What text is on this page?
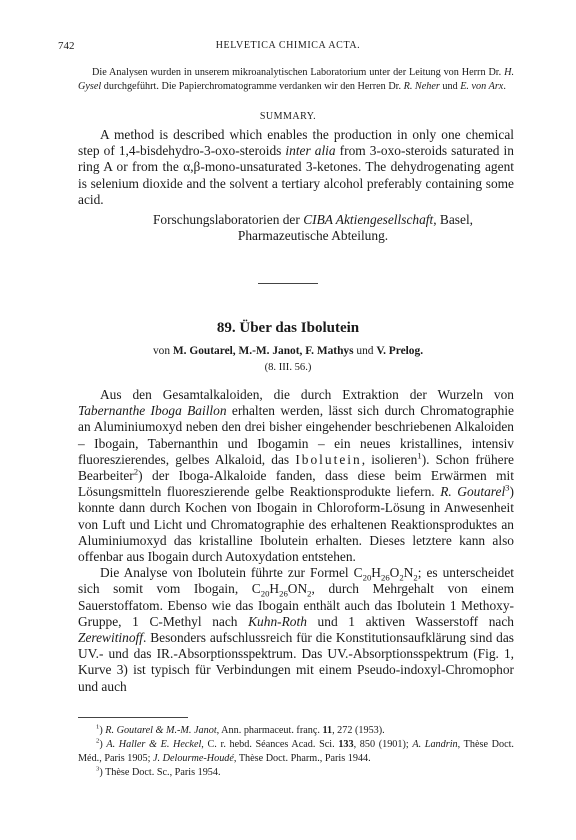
742	HELVETICA CHIMICA ACTA.

Die Analysen wurden in unserem mikroanalytischen Laboratorium unter der Leitung von Herrn Dr. H. Gysel durchgeführt. Die Papierchromatogramme verdanken wir den Herren Dr. R. Neher und E. von Arx.

SUMMARY.

A method is described which enables the production in only one chemical step of 1,4-bisdehydro-3-oxo-steroids inter alia from 3-oxo-steroids saturated in ring A or from the α,β-mono-unsaturated 3-ketones. The dehydrogenating agent is selenium dioxide and the solvent a tertiary alcohol preferably containing some acid.

Forschungslaboratorien der CIBA Aktiengesellschaft, Basel,
Pharmazeutische Abteilung.
89. Über das Ibolutein
von M. Goutarel, M.-M. Janot, F. Mathys und V. Prelog.
(8. III. 56.)

Aus den Gesamtalkaloiden, die durch Extraktion der Wurzeln von Tabernanthe Iboga Baillon erhalten werden, lässt sich durch Chromatographie an Aluminiumoxyd neben den drei bisher eingehender beschriebenen Alkaloiden – Ibogain, Tabernanthin und Ibogamin – ein neues kristallines, intensiv fluoreszierendes, gelbes Alkaloid, das Ibolutein, isolieren$^1$). Schon frühere Bearbeiter$^2$) der Iboga-Alkaloide fanden, dass diese beim Erwärmen mit Lösungsmitteln fluoreszierende gelbe Reaktionsprodukte liefern. R. Goutarel$^3$) konnte dann durch Kochen von Ibogain in Chloroform-Lösung in Anwesenheit von Luft und Licht und Chromatographie des erhaltenen Reaktionsproduktes an Aluminiumoxyd das kristalline Ibolutein erhalten. Dieses letztere kann also offenbar aus Ibogain durch Autoxydation entstehen.

Die Analyse von Ibolutein führte zur Formel $C_{20}H_{26}O_2N_2$; es unterscheidet sich somit vom Ibogain, $C_{20}H_{26}ON_2$, durch Mehrgehalt von einem Sauerstoffatom. Ebenso wie das Ibogain enthält auch das Ibolutein 1 Methoxy-Gruppe, 1 C-Methyl nach Kuhn-Roth und 1 aktiven Wasserstoff nach Zerewitinoff. Besonders aufschlussreich für die Konstitutionsaufklärung sind das UV.- und das IR.-Absorptionsspektrum. Das UV.-Absorptionsspektrum (Fig. 1, Kurve 3) ist typisch für Verbindungen mit einem Pseudo-indoxyl-Chromophor und auch

$^1$) R. Goutarel & M.-M. Janot, Ann. pharmaceut. franç. 11, 272 (1953).

$^2$) A. Haller & E. Heckel, C. r. hebd. Séances Acad. Sci. 133, 850 (1901); A. Landrin, Thèse Doct. Méd., Paris 1905; J. Delourme-Houdé, Thèse Doct. Pharm., Paris 1944.

$^3$) Thèse Doct. Sc., Paris 1954.
